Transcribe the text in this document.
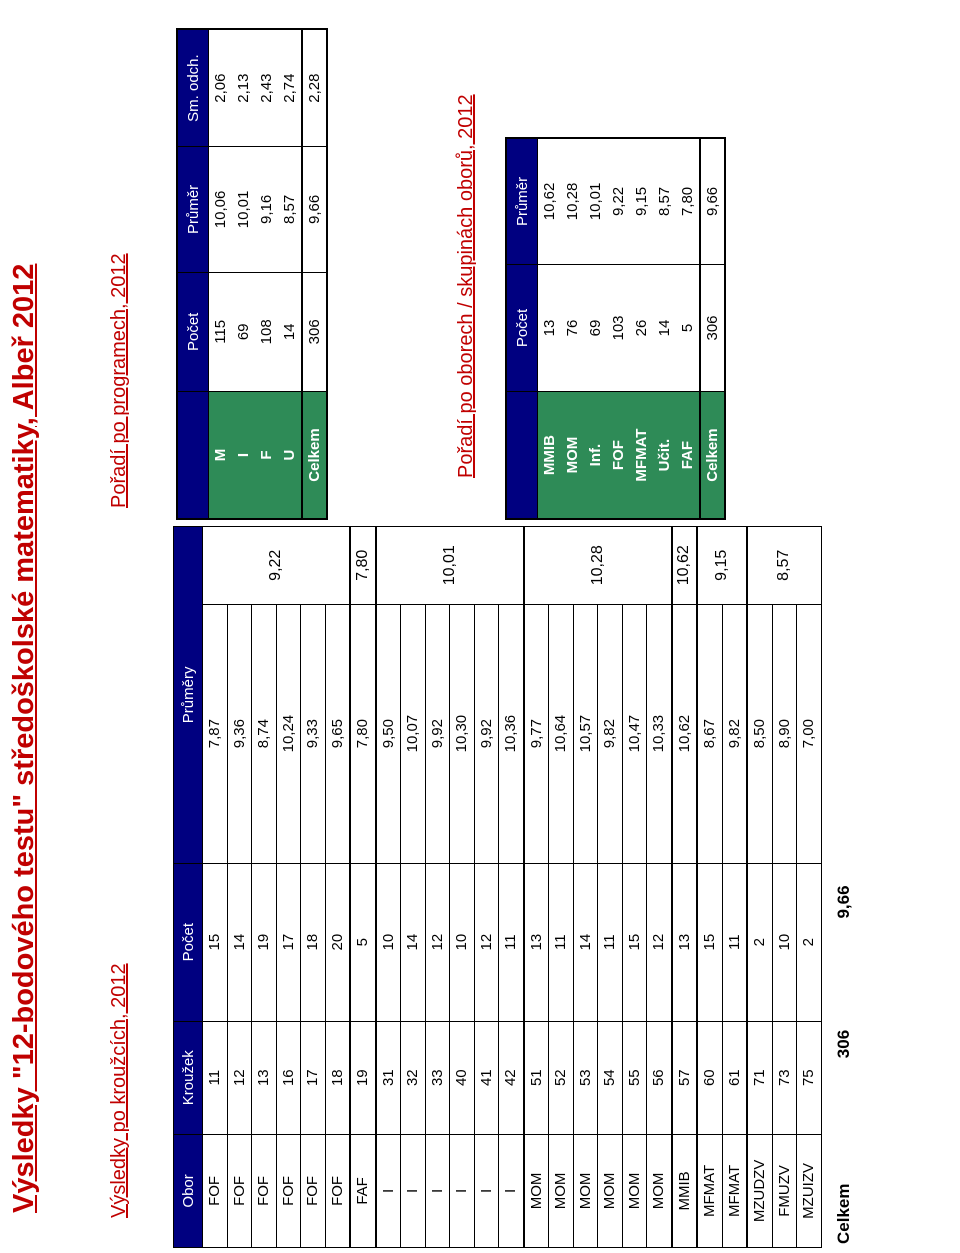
Výsledky "12-bodového testu" středoškolské matematiky, Albeř 2012	Výsledky po kroužcích, 2012	Obor	Kroužek	Počet	Průměry	
FOF	11	15	7,87	9,22
FOF	12	14	9,36	
FOF	13	19	8,74	
FOF	16	17	10,24	
FOF	17	18	9,33	
FOF	18	20	9,65	
FAF	19	5	7,80	7,80
I	31	10	9,50	10,01
I	32	14	10,07	
I	33	12	9,92	
I	40	10	10,30	
I	41	12	9,92	
I	42	11	10,36	
MOM	51	13	9,77	10,28
MOM	52	11	10,64	
MOM	53	14	10,57	
MOM	54	11	9,82	
MOM	55	15	10,47	
MOM	56	12	10,33	
MMIB	57	13	10,62	10,62
MFMAT	60	15	8,67	9,15
MFMAT	61	11	9,82	
MZUDZV	71	2	8,50	8,57
FMUZV	73	10	8,90	
MZUIZV	75	2	7,00	
Celkem	306	9,66
Pořadí po programech, 2012
		Počet	Průměr	Sm. odch.
M	115	10,06	2,06
I	69	10,01	2,13
F	108	9,16	2,43
U	14	8,57	2,74
Celkem	306	9,66	2,28
Pořadí po oborech / skupinách oborů, 2012
	Počet	Průměr
MMIB	13	10,62
MOM	76	10,28
Inf.	69	10,01
FOF	103	9,22
MFMAT	26	9,15
Učit.	14	8,57
FAF	5	7,80
Celkem	306	9,66
